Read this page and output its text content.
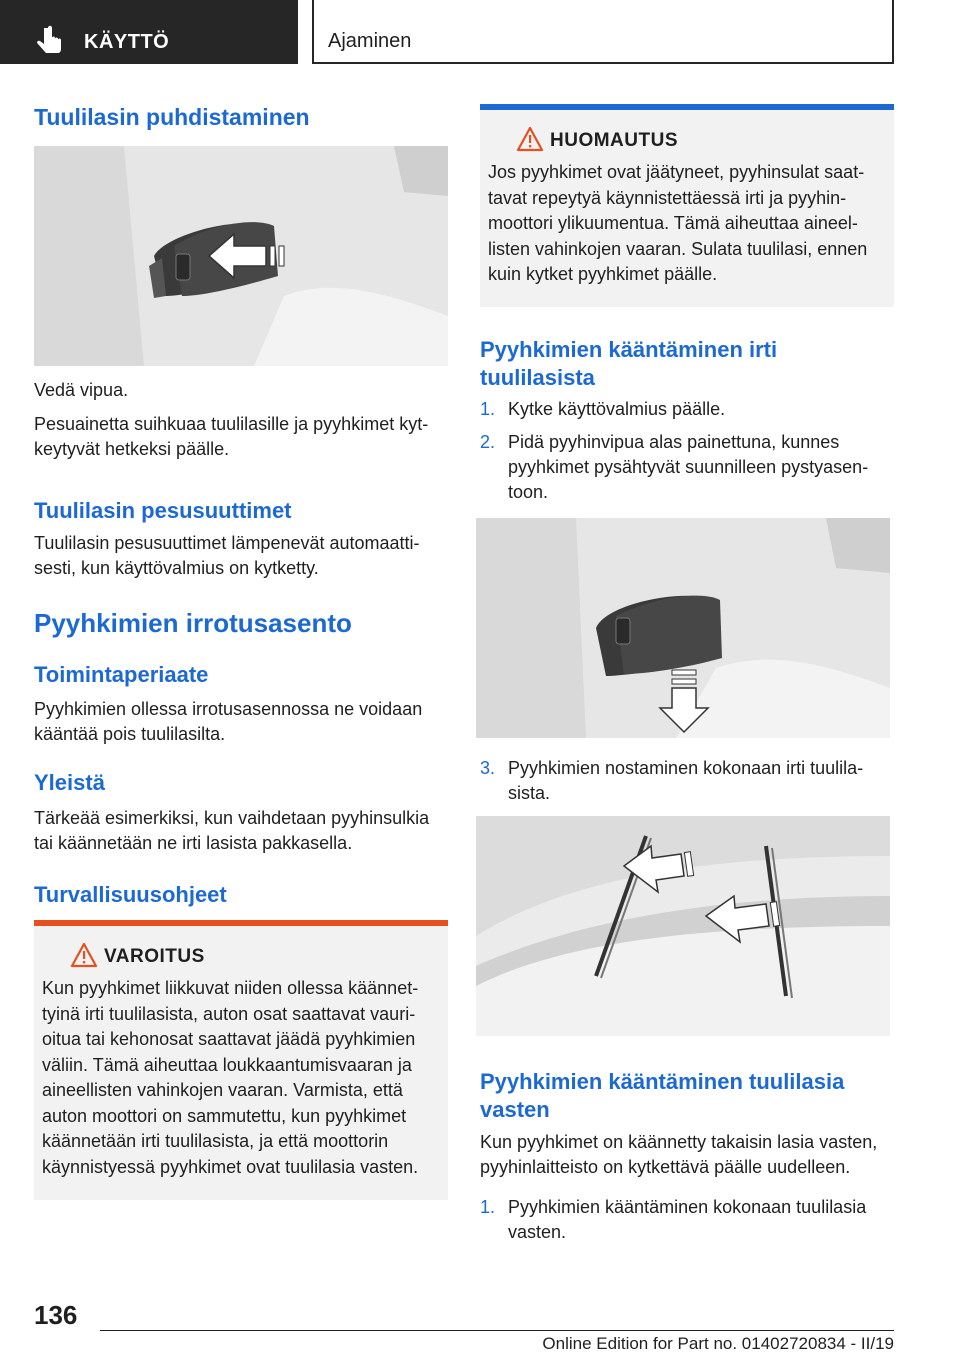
KÄYTTÖ	Ajaminen
Tuulilasin puhdistaminen

Vedä vipua.

Pesuainetta suihkuaa tuulilasille ja pyyhkimet kyt-
keytyvät hetkeksi päälle.
Tuulilasin pesusuuttimet
Tuulilasin pesusuuttimet lämpenevät automaatti-
sesti, kun käyttövalmius on kytketty.
Pyyhkimien irrotusasento
Toimintaperiaate
Pyyhkimien ollessa irrotusasennossa ne voidaan
kääntää pois tuulilasilta.
Yleistä
Tärkeää esimerkiksi, kun vaihdetaan pyyhinsulkia
tai käännetään ne irti lasista pakkasella.
Turvallisuusohjeet
VAROITUS
Kun pyyhkimet liikkuvat niiden ollessa käännet-
tyinä irti tuulilasista, auton osat saattavat vauri-
oitua tai kehonosat saattavat jäädä pyyhkimien
väliin. Tämä aiheuttaa loukkaantumisvaaran ja
aineellisten vahinkojen vaaran. Varmista, että
auton moottori on sammutettu, kun pyyhkimet
käännetään irti tuulilasista, ja että moottorin
käynnistyessä pyyhkimet ovat tuulilasia vasten.
HUOMAUTUS
Jos pyyhkimet ovat jäätyneet, pyyhinsulat saat-
tavat repeytyä käynnistettäessä irti ja pyyhin-
moottori ylikuumentua. Tämä aiheuttaa aineel-
listen vahinkojen vaaran. Sulata tuulilasi, ennen
kuin kytket pyyhkimet päälle.
Pyyhkimien kääntäminen irti
tuulilasista
1. Kytke käyttövalmius päälle.
2. Pidä pyyhinvipua alas painettuna, kunnes
pyyhkimet pysähtyvät suunnilleen pystyasen-
toon.
3. Pyyhkimien nostaminen kokonaan irti tuulila-
sista.
Pyyhkimien kääntäminen tuulilasia
vasten
Kun pyyhkimet on käännetty takaisin lasia vasten,
pyyhinlaitteisto on kytkettävä päälle uudelleen.
1. Pyyhkimien kääntäminen kokonaan tuulilasia
vasten.
136
Online Edition for Part no. 01402720834 - II/19
